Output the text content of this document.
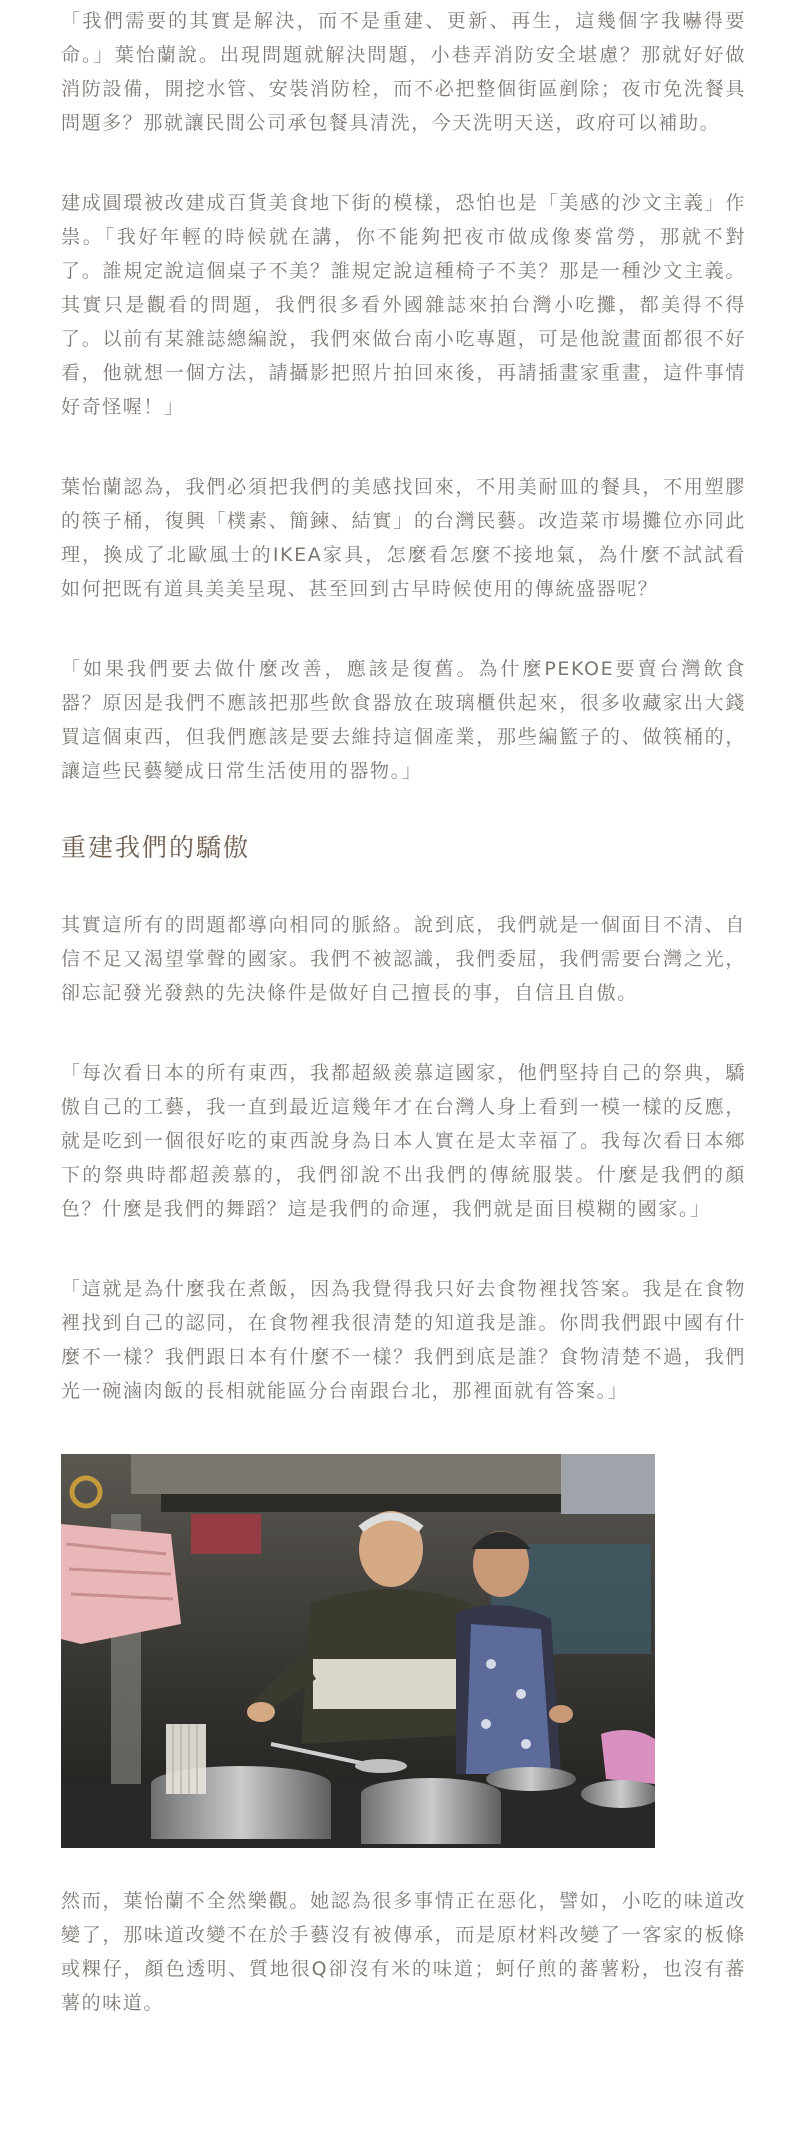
「我們需要的其實是解決，而不是重建、更新、再生，這幾個字我嚇得要命。」葉怡蘭說。出現問題就解決問題，小巷弄消防安全堪慮？那就好好做消防設備，開挖水管、安裝消防栓，而不必把整個街區剷除；夜市免洗餐具問題多？那就讓民間公司承包餐具清洗，今天洗明天送，政府可以補助。

建成圓環被改建成百貨美食地下街的模樣，恐怕也是「美感的沙文主義」作祟。「我好年輕的時候就在講，你不能夠把夜市做成像麥當勞，那就不對了。誰規定說這個桌子不美？誰規定說這種椅子不美？那是一種沙文主義。其實只是觀看的問題，我們很多看外國雜誌來拍台灣小吃攤，都美得不得了。以前有某雜誌總編說，我們來做台南小吃專題，可是他說畫面都很不好看，他就想一個方法，請攝影把照片拍回來後，再請插畫家重畫，這件事情好奇怪喔！」

葉怡蘭認為，我們必須把我們的美感找回來，不用美耐皿的餐具，不用塑膠的筷子桶，復興「樸素、簡鍊、結實」的台灣民藝。改造菜市場攤位亦同此理，換成了北歐風士的IKEA家具，怎麼看怎麼不接地氣，為什麼不試試看如何把既有道具美美呈現、甚至回到古早時候使用的傳統盛器呢？

「如果我們要去做什麼改善，應該是復舊。為什麼PEKOE要賣台灣飲食器？原因是我們不應該把那些飲食器放在玻璃櫃供起來，很多收藏家出大錢買這個東西，但我們應該是要去維持這個產業，那些編籃子的、做筷桶的，讓這些民藝變成日常生活使用的器物。」

重建我們的驕傲

其實這所有的問題都導向相同的脈絡。說到底，我們就是一個面目不清、自信不足又渴望掌聲的國家。我們不被認識，我們委屈，我們需要台灣之光，卻忘記發光發熱的先決條件是做好自己擅長的事，自信且自傲。

「每次看日本的所有東西，我都超級羨慕這國家，他們堅持自己的祭典，驕傲自己的工藝，我一直到最近這幾年才在台灣人身上看到一模一樣的反應，就是吃到一個很好吃的東西說身為日本人實在是太幸福了。我每次看日本鄉下的祭典時都超羨慕的，我們卻說不出我們的傳統服裝。什麼是我們的顏色？什麼是我們的舞蹈？這是我們的命運，我們就是面目模糊的國家。」

「這就是為什麼我在煮飯，因為我覺得我只好去食物裡找答案。我是在食物裡找到自己的認同，在食物裡我很清楚的知道我是誰。你問我們跟中國有什麼不一樣？我們跟日本有什麼不一樣？我們到底是誰？食物清楚不過，我們光一碗滷肉飯的長相就能區分台南跟台北，那裡面就有答案。」

然而，葉怡蘭不全然樂觀。她認為很多事情正在惡化，譬如，小吃的味道改變了，那味道改變不在於手藝沒有被傳承，而是原材料改變了一客家的板條或粿仔，顏色透明、質地很Q卻沒有米的味道；蚵仔煎的蕃薯粉，也沒有蕃薯的味道。
